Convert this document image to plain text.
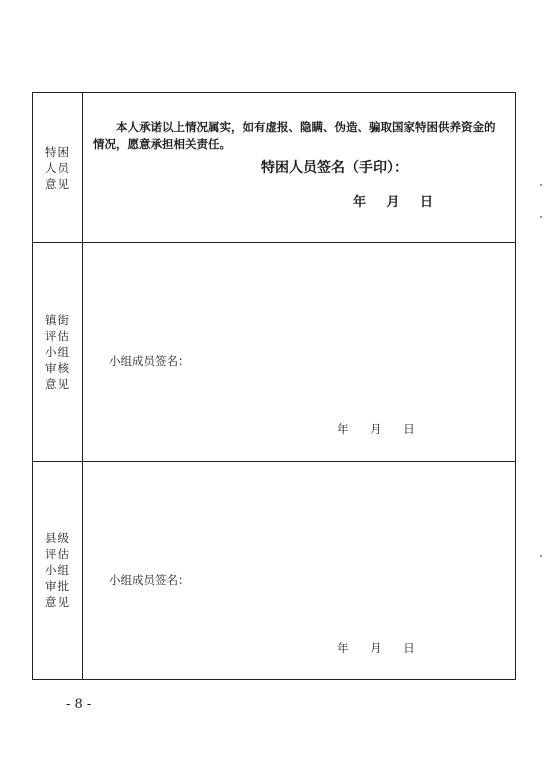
特困人员意见	本人承诺以上情况属实，如有虚报、隐瞒、伪造、骗取国家特困供养资金的情况，愿意承担相关责任。
特困人员签名（手印）：
年 月 日

镇街评估小组审核意见	小组成员签名：
年 月 日

县级评估小组审批意见	小组成员签名：
年 月 日
- 8 -
